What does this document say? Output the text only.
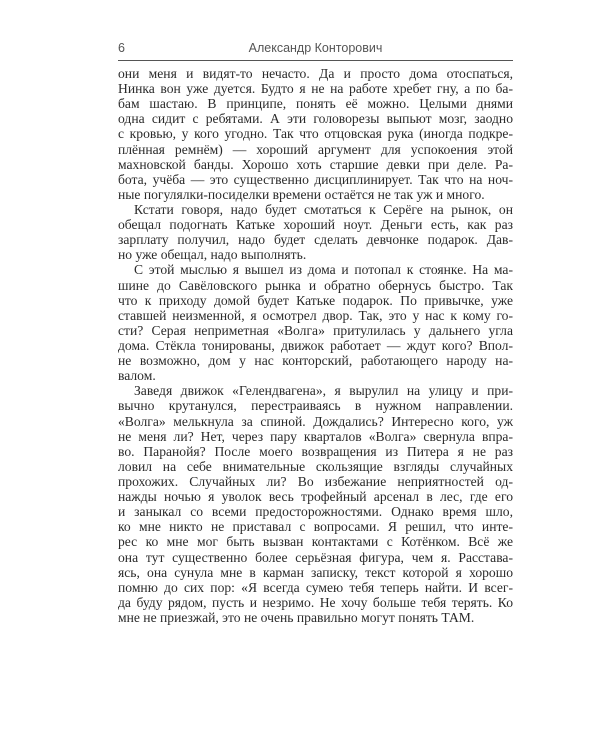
6	Александр Конторович
они меня и видят-то нечасто. Да и просто дома отоспаться,
Нинка вон уже дуется. Будто я не на работе хребет гну, а по ба-
бам шастаю. В принципе, понять её можно. Целыми днями
одна сидит с ребятами. А эти головорезы выпьют мозг, заодно
с кровью, у кого угодно. Так что отцовская рука (иногда подкре-
плённая ремнём) — хороший аргумент для успокоения этой
махновской банды. Хорошо хоть старшие девки при деле. Ра-
бота, учёба — это существенно дисциплинирует. Так что на ноч-
ные погулялки-посиделки времени остаётся не так уж и много.
Кстати говоря, надо будет смотаться к Серёге на рынок, он
обещал подогнать Катьке хороший ноут. Деньги есть, как раз
зарплату получил, надо будет сделать девчонке подарок. Дав-
но уже обещал, надо выполнять.
С этой мыслью я вышел из дома и потопал к стоянке. На ма-
шине до Савёловского рынка и обратно обернусь быстро. Так
что к приходу домой будет Катьке подарок. По привычке, уже
ставшей неизменной, я осмотрел двор. Так, это у нас к кому го-
сти? Серая неприметная «Волга» притулилась у дальнего угла
дома. Стёкла тонированы, движок работает — ждут кого? Впол-
не возможно, дом у нас конторский, работающего народу на-
валом.
Заведя движок «Гелендвагена», я вырулил на улицу и при-
вычно крутанулся, перестраиваясь в нужном направлении.
«Волга» мелькнула за спиной. Дождались? Интересно кого, уж
не меня ли? Нет, через пару кварталов «Волга» свернула впра-
во. Паранойя? После моего возвращения из Питера я не раз
ловил на себе внимательные скользящие взгляды случайных
прохожих. Случайных ли? Во избежание неприятностей од-
нажды ночью я уволок весь трофейный арсенал в лес, где его
и заныкал со всеми предосторожностями. Однако время шло,
ко мне никто не приставал с вопросами. Я решил, что инте-
рес ко мне мог быть вызван контактами с Котёнком. Всё же
она тут существенно более серьёзная фигура, чем я. Расстава-
ясь, она сунула мне в карман записку, текст которой я хорошо
помню до сих пор: «Я всегда сумею тебя теперь найти. И всег-
да буду рядом, пусть и незримо. Не хочу больше тебя терять. Ко
мне не приезжай, это не очень правильно могут понять ТАМ.
